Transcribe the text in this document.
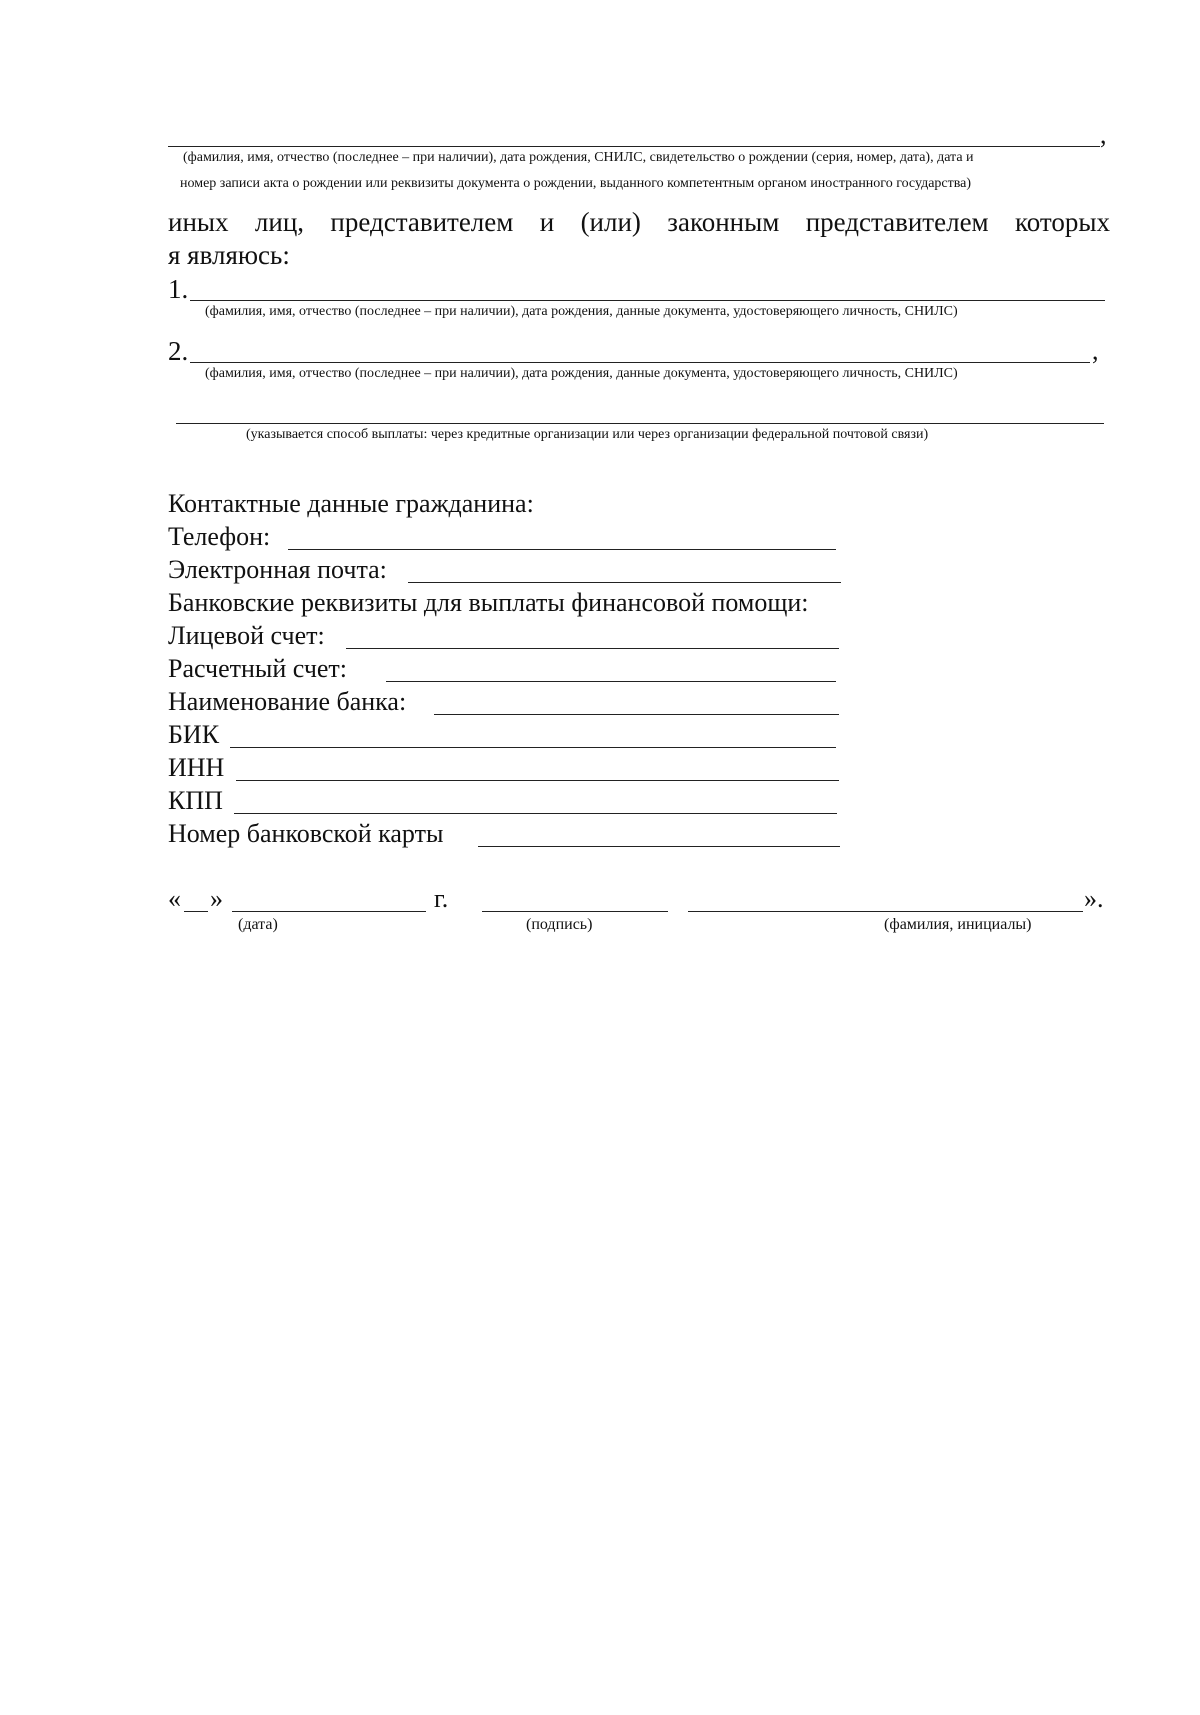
,
(фамилия, имя, отчество (последнее – при наличии), дата рождения, СНИЛС, свидетельство о рождении (серия, номер, дата), дата и
номер записи акта о рождении или реквизиты документа о рождении, выданного компетентным органом иностранного государства)
иных лиц, представителем и (или) законным представителем которых
я являюсь:
1.
(фамилия, имя, отчество (последнее – при наличии), дата рождения, данные документа, удостоверяющего личность, СНИЛС)
2.	,
(фамилия, имя, отчество (последнее – при наличии), дата рождения, данные документа, удостоверяющего личность, СНИЛС)
(указывается способ выплаты: через кредитные организации или через организации федеральной почтовой связи)
Контактные данные гражданина:
Телефон:
Электронная почта:
Банковские реквизиты для выплаты финансовой помощи:
Лицевой счет:
Расчетный счет:
Наименование банка:
БИК
ИНН
КПП
Номер банковской карты
« »	г.	».
(дата)	(подпись)	(фамилия, инициалы)
